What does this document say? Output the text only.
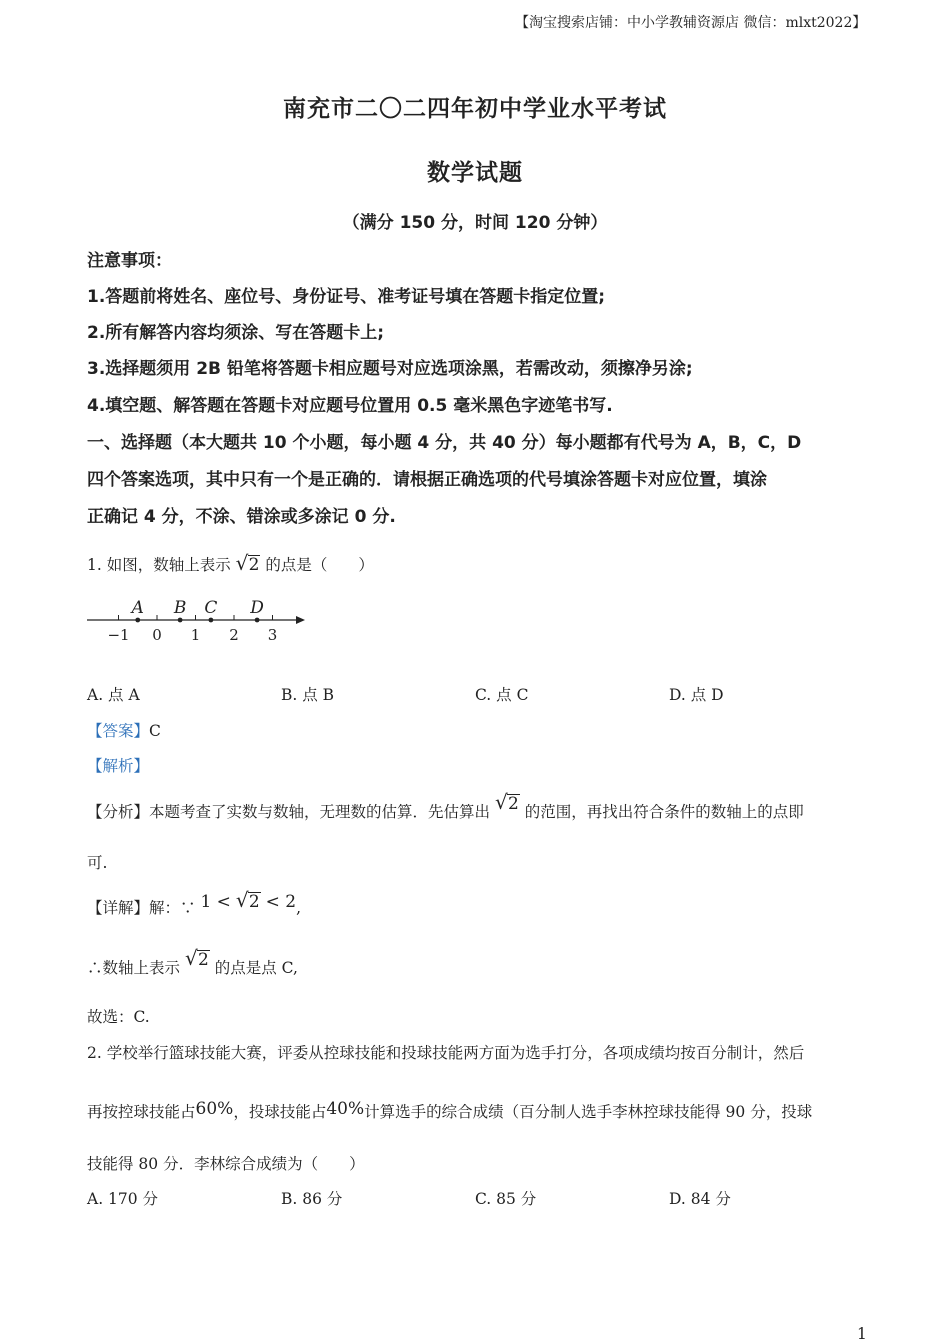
【淘宝搜索店铺：中小学教辅资源店 微信：mlxt2022】
南充市二〇二四年初中学业水平考试
数学试题
（满分 150 分，时间 120 分钟）
注意事项：
1.答题前将姓名、座位号、身份证号、准考证号填在答题卡指定位置;
2.所有解答内容均须涂、写在答题卡上;
3.选择题须用 2B 铅笔将答题卡相应题号对应选项涂黑，若需改动，须擦净另涂;
4.填空题、解答题在答题卡对应题号位置用 0.5 毫米黑色字迹笔书写.
一、选择题（本大题共 10 个小题，每小题 4 分，共 40 分）每小题都有代号为 A，B，C，D
四个答案选项，其中只有一个是正确的．请根据正确选项的代号填涂答题卡对应位置，填涂
正确记 4 分，不涂、错涂或多涂记 0 分.
1. 如图，数轴上表示 √ 2 的点是（　　）
−1 0 1 2 3
A B C D
A. 点 A	B. 点 B	C. 点 C	D. 点 D
【答案】C
【解析】
【分析】本题考查了实数与数轴，无理数的估算．先估算出 √ 2 的范围，再找出符合条件的数轴上的点即
可.
【详解】解：∵ 1 < √ 2 < 2,
∴数轴上表示 √ 2 的点是点 C,
故选：C.
2. 学校举行篮球技能大赛，评委从控球技能和投球技能两方面为选手打分，各项成绩均按百分制计，然后
再按控球技能占60%，投球技能占40%计算选手的综合成绩（百分制人选手李林控球技能得 90 分，投球
技能得 80 分．李林综合成绩为（　　）
A. 170 分	B. 86 分	C. 85 分	D. 84 分
1
